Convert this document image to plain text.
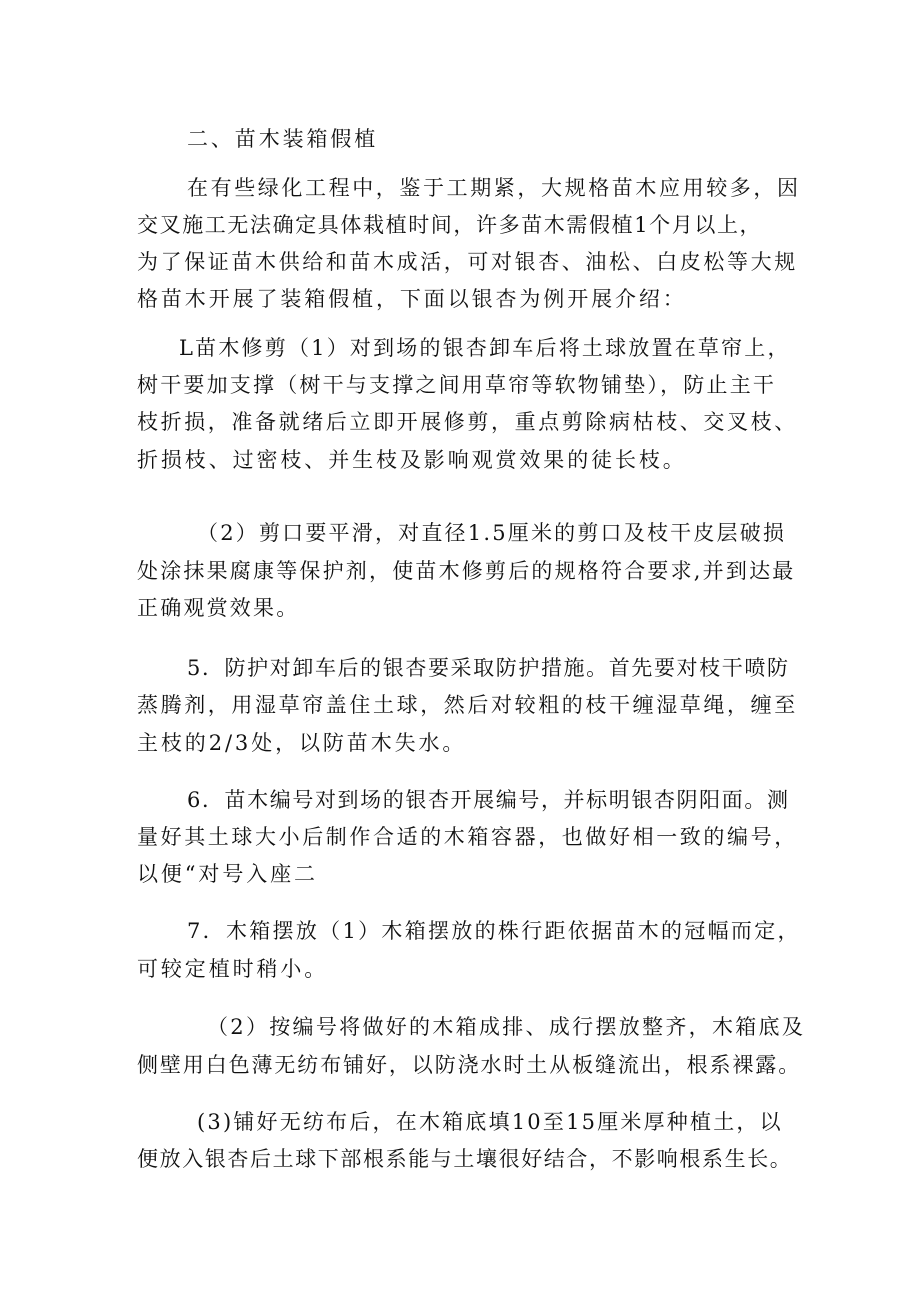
二、苗木装箱假植
在有些绿化工程中，鉴于工期紧，大规格苗木应用较多，因
交叉施工无法确定具体栽植时间，许多苗木需假植1个月以上，
为了保证苗木供给和苗木成活，可对银杏、油松、白皮松等大规
格苗木开展了装箱假植，下面以银杏为例开展介绍：
L苗木修剪（1）对到场的银杏卸车后将土球放置在草帘上，
树干要加支撑（树干与支撑之间用草帘等软物铺垫），防止主干
枝折损，准备就绪后立即开展修剪，重点剪除病枯枝、交叉枝、
折损枝、过密枝、并生枝及影响观赏效果的徒长枝。
（2）剪口要平滑，对直径1.5厘米的剪口及枝干皮层破损
处涂抹果腐康等保护剂，使苗木修剪后的规格符合要求,并到达最
正确观赏效果。
5．防护对卸车后的银杏要采取防护措施。首先要对枝干喷防
蒸腾剂，用湿草帘盖住土球，然后对较粗的枝干缠湿草绳，缠至
主枝的2/3处，以防苗木失水。
6．苗木编号对到场的银杏开展编号，并标明银杏阴阳面。测
量好其土球大小后制作合适的木箱容器，也做好相一致的编号，
以便“对号入座二
7．木箱摆放（1）木箱摆放的株行距依据苗木的冠幅而定，
可较定植时稍小。
（2）按编号将做好的木箱成排、成行摆放整齐，木箱底及
侧壁用白色薄无纺布铺好，以防浇水时土从板缝流出，根系裸露。
(3)铺好无纺布后，在木箱底填10至15厘米厚种植土，以
便放入银杏后土球下部根系能与土壤很好结合，不影响根系生长。
